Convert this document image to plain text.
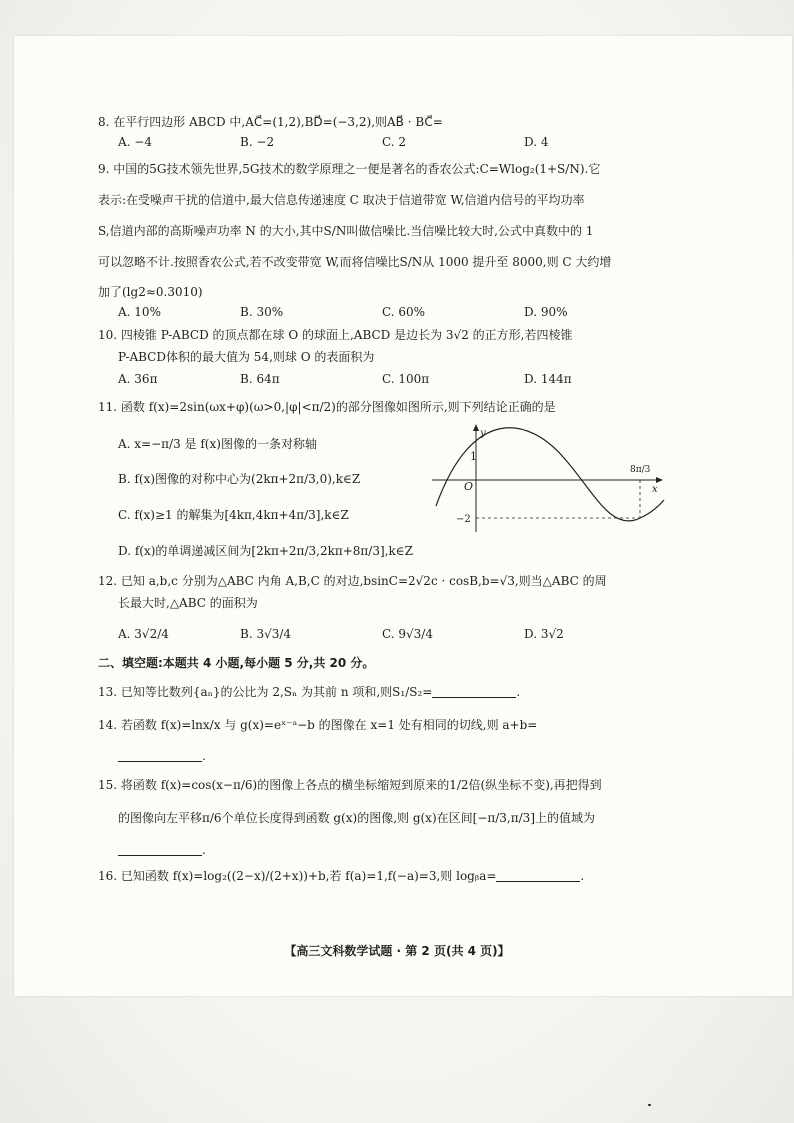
8. 在平行四边形 ABCD 中,AC⃗=(1,2),BD⃗=(−3,2),则AB⃗ · BC⃗=
A. −4	B. −2	C. 2	D. 4
9. 中国的5G技术领先世界,5G技术的数学原理之一便是著名的香农公式:C=Wlog₂(1+S/N).它
表示:在受噪声干扰的信道中,最大信息传递速度 C 取决于信道带宽 W,信道内信号的平均功率
S,信道内部的高斯噪声功率 N 的大小,其中S/N叫做信噪比.当信噪比较大时,公式中真数中的 1
可以忽略不计.按照香农公式,若不改变带宽 W,而将信噪比S/N从 1000 提升至 8000,则 C 大约增
加了(lg2≈0.3010)
A. 10%	B. 30%	C. 60%	D. 90%
10. 四棱锥 P-ABCD 的顶点都在球 O 的球面上,ABCD 是边长为 3√2 的正方形,若四棱锥
P-ABCD体积的最大值为 54,则球 O 的表面积为
A. 36π	B. 64π	C. 100π	D. 144π
11. 函数 f(x)=2sin(ωx+φ)(ω>0,|φ|<π/2)的部分图像如图所示,则下列结论正确的是
A. x=−π/3 是 f(x)图像的一条对称轴
B. f(x)图像的对称中心为(2kπ+2π/3,0),k∈Z
C. f(x)≥1 的解集为[4kπ,4kπ+4π/3],k∈Z
D. f(x)的单调递减区间为[2kπ+2π/3,2kπ+8π/3],k∈Z
1
O
−2
y
x
8π/3
12. 已知 a,b,c 分别为△ABC 内角 A,B,C 的对边,bsinC=2√2c · cosB,b=√3,则当△ABC 的周
长最大时,△ABC 的面积为
A. 3√2/4	B. 3√3/4	C. 9√3/4	D. 3√2
二、填空题:本题共 4 小题,每小题 5 分,共 20 分。
13. 已知等比数列{aₙ}的公比为 2,Sₙ 为其前 n 项和,则S₁/S₂=	.
14. 若函数 f(x)=lnx/x 与 g(x)=eˣ⁻ᵃ−b 的图像在 x=1 处有相同的切线,则 a+b=
.
15. 将函数 f(x)=cos(x−π/6)的图像上各点的横坐标缩短到原来的1/2倍(纵坐标不变),再把得到
的图像向左平移π/6个单位长度得到函数 g(x)的图像,则 g(x)在区间[−π/3,π/3]上的值域为
.
16. 已知函数 f(x)=log₂((2−x)/(2+x))+b,若 f(a)=1,f(−a)=3,则 logᵦa=	.
【高三文科数学试题 · 第 2 页(共 4 页)】
